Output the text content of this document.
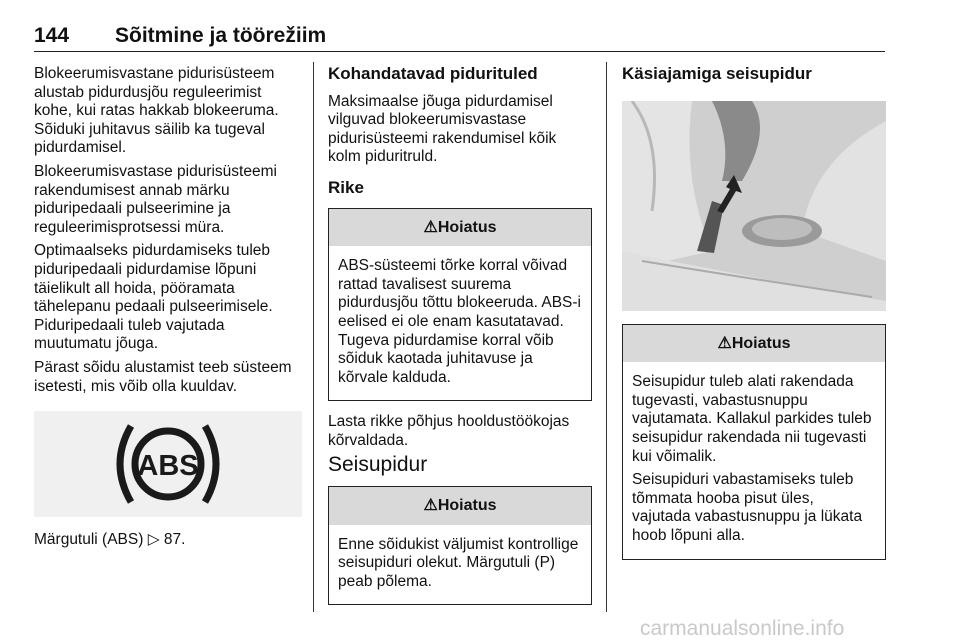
144 Sõitmine ja töörežiim

Blokeerumisvastane pidurisüsteem alustab pidurdusjõu reguleerimist kohe, kui ratas hakkab blokeeruma. Sõiduki juhitavus säilib ka tugeval pidurdamisel.

Blokeerumisvastase pidurisüsteemi rakendumisest annab märku piduripedaali pulseerimine ja reguleerimisprotsessi müra.

Optimaalseks pidurdamiseks tuleb piduripedaali pidurdamise lõpuni täielikult all hoida, pööramata tähelepanu pedaali pulseerimisele. Piduripedaali tuleb vajutada muutumatu jõuga.

Pärast sõidu alustamist teeb süsteem isetesti, mis võib olla kuuldav.

ABS

Märgutuli (ABS) ▷ 87.

Kohandatavad piduritulеd

Maksimaalse jõuga pidurdamisel vilguvad blokeerumisvastase pidurisüsteemi rakendumisel kõik kolm piduritruld.

Rike
⚠Hoiatus

ABS-süsteemi tõrke korral võivad rattad tavalisest suurema pidurdusjõu tõttu blokeeruda. ABS-i eelised ei ole enam kasutatavad. Tugeva pidurdamise korral võib sõiduk kaotada juhitavuse ja kõrvale kalduda.

Lasta rikke põhjus hooldustöökojas kõrvaldada.

Seisupidur
⚠Hoiatus

Enne sõidukist väljumist kontrollige seisupiduri olekut. Märgutuli (P) peab põlema.

Käsiajamiga seisupidur
⚠Hoiatus

Seisupidur tuleb alati rakendada tugevasti, vabastusnuppu vajutamata. Kallakul parkides tuleb seisupidur rakendada nii tugevasti kui võimalik.

Seisupiduri vabastamiseks tuleb tõmmata hooba pisut üles, vajutada vabastusnuppu ja lükata hoob lõpuni alla.

carmanualsonline.info
